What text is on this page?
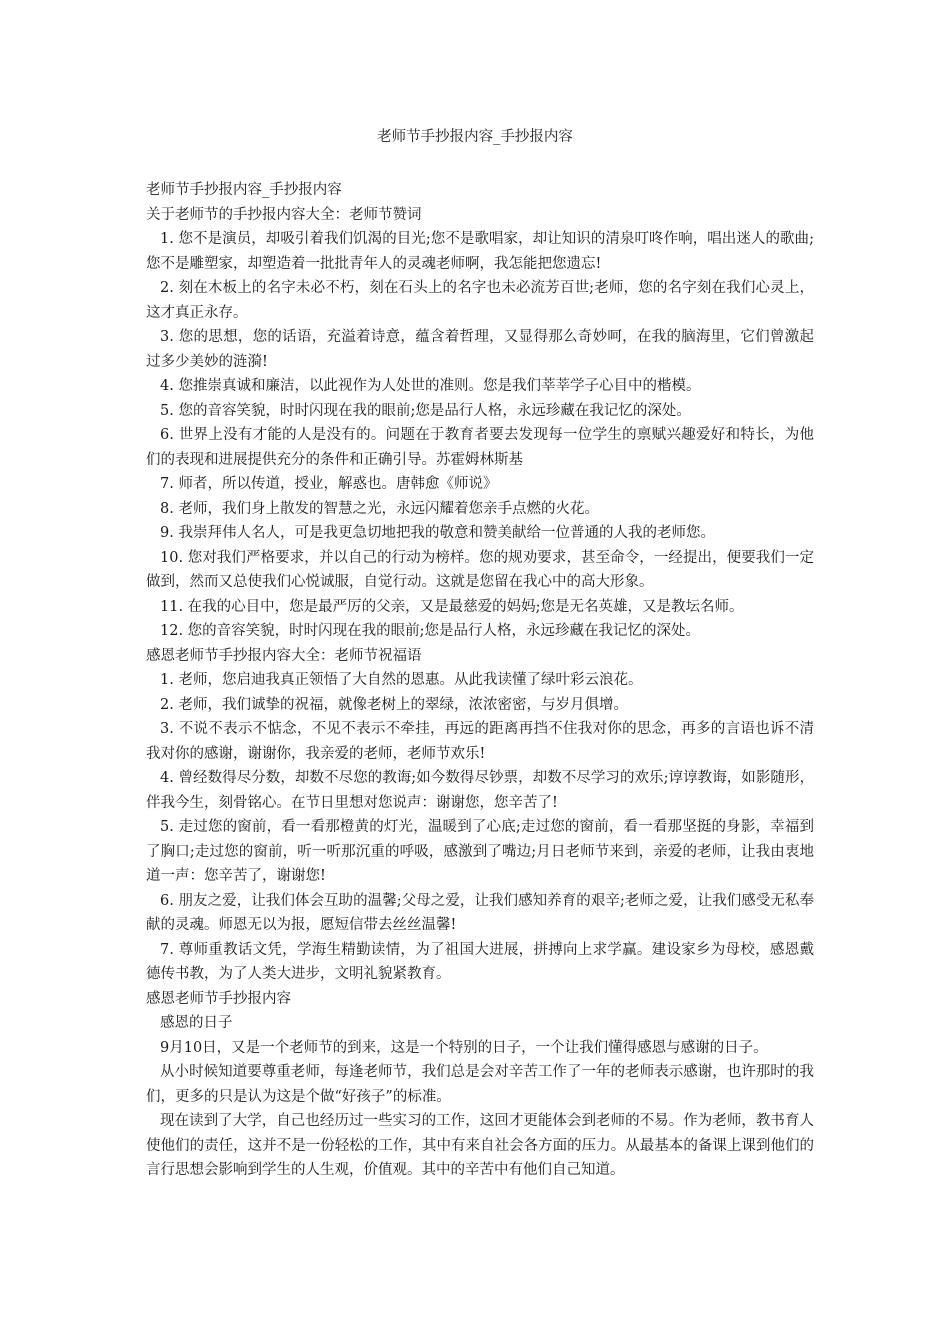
老师节手抄报内容_手抄报内容

老师节手抄报内容_手抄报内容

关于老师节的手抄报内容大全：老师节赞词

1. 您不是演员，却吸引着我们饥渴的目光;您不是歌唱家，却让知识的清泉叮咚作响，唱出迷人的歌曲;您不是雕塑家，却塑造着一批批青年人的灵魂老师啊，我怎能把您遗忘!

2. 刻在木板上的名字未必不朽，刻在石头上的名字也未必流芳百世;老师，您的名字刻在我们心灵上，这才真正永存。

3. 您的思想，您的话语，充溢着诗意，蕴含着哲理，又显得那么奇妙呵，在我的脑海里，它们曾激起过多少美妙的涟漪!

4. 您推崇真诚和廉洁，以此视作为人处世的准则。您是我们莘莘学子心目中的楷模。

5. 您的音容笑貌，时时闪现在我的眼前;您是品行人格，永远珍藏在我记忆的深处。

6. 世界上没有才能的人是没有的。问题在于教育者要去发现每一位学生的禀赋兴趣爱好和特长，为他们的表现和进展提供充分的条件和正确引导。苏霍姆林斯基

7. 师者，所以传道，授业，解惑也。唐韩愈《师说》

8. 老师，我们身上散发的智慧之光，永远闪耀着您亲手点燃的火花。

9. 我崇拜伟人名人，可是我更急切地把我的敬意和赞美献给一位普通的人我的老师您。

10. 您对我们严格要求，并以自己的行动为榜样。您的规劝要求，甚至命令，一经提出，便要我们一定做到，然而又总使我们心悦诚服，自觉行动。这就是您留在我心中的高大形象。

11. 在我的心目中，您是最严厉的父亲，又是最慈爱的妈妈;您是无名英雄，又是教坛名师。

12. 您的音容笑貌，时时闪现在我的眼前;您是品行人格，永远珍藏在我记忆的深处。

感恩老师节手抄报内容大全：老师节祝福语

1. 老师，您启迪我真正领悟了大自然的恩惠。从此我读懂了绿叶彩云浪花。

2. 老师，我们诚挚的祝福，就像老树上的翠绿，浓浓密密，与岁月俱增。

3. 不说不表示不惦念，不见不表示不牵挂，再远的距离再挡不住我对你的思念，再多的言语也诉不清我对你的感谢，谢谢你，我亲爱的老师，老师节欢乐!

4. 曾经数得尽分数，却数不尽您的教诲;如今数得尽钞票，却数不尽学习的欢乐;谆谆教诲，如影随形，伴我今生，刻骨铭心。在节日里想对您说声：谢谢您，您辛苦了!

5. 走过您的窗前，看一看那橙黄的灯光，温暖到了心底;走过您的窗前，看一看那坚挺的身影，幸福到了胸口;走过您的窗前，听一听那沉重的呼吸，感激到了嘴边;月日老师节来到，亲爱的老师，让我由衷地道一声：您辛苦了，谢谢您!

6. 朋友之爱，让我们体会互助的温馨;父母之爱，让我们感知养育的艰辛;老师之爱，让我们感受无私奉献的灵魂。师恩无以为报，愿短信带去丝丝温馨!

7. 尊师重教话文凭，学海生精勤读情，为了祖国大进展，拼搏向上求学赢。建设家乡为母校，感恩戴德传书教，为了人类大进步，文明礼貌紧教育。

感恩老师节手抄报内容

感恩的日子

9月10日，又是一个老师节的到来，这是一个特别的日子，一个让我们懂得感恩与感谢的日子。

从小时候知道要尊重老师，每逢老师节，我们总是会对辛苦工作了一年的老师表示感谢，也许那时的我们，更多的只是认为这是个做“好孩子”的标准。

现在读到了大学，自己也经历过一些实习的工作，这回才更能体会到老师的不易。作为老师，教书育人使他们的责任，这并不是一份轻松的工作，其中有来自社会各方面的压力。从最基本的备课上课到他们的言行思想会影响到学生的人生观，价值观。其中的辛苦中有他们自己知道。
